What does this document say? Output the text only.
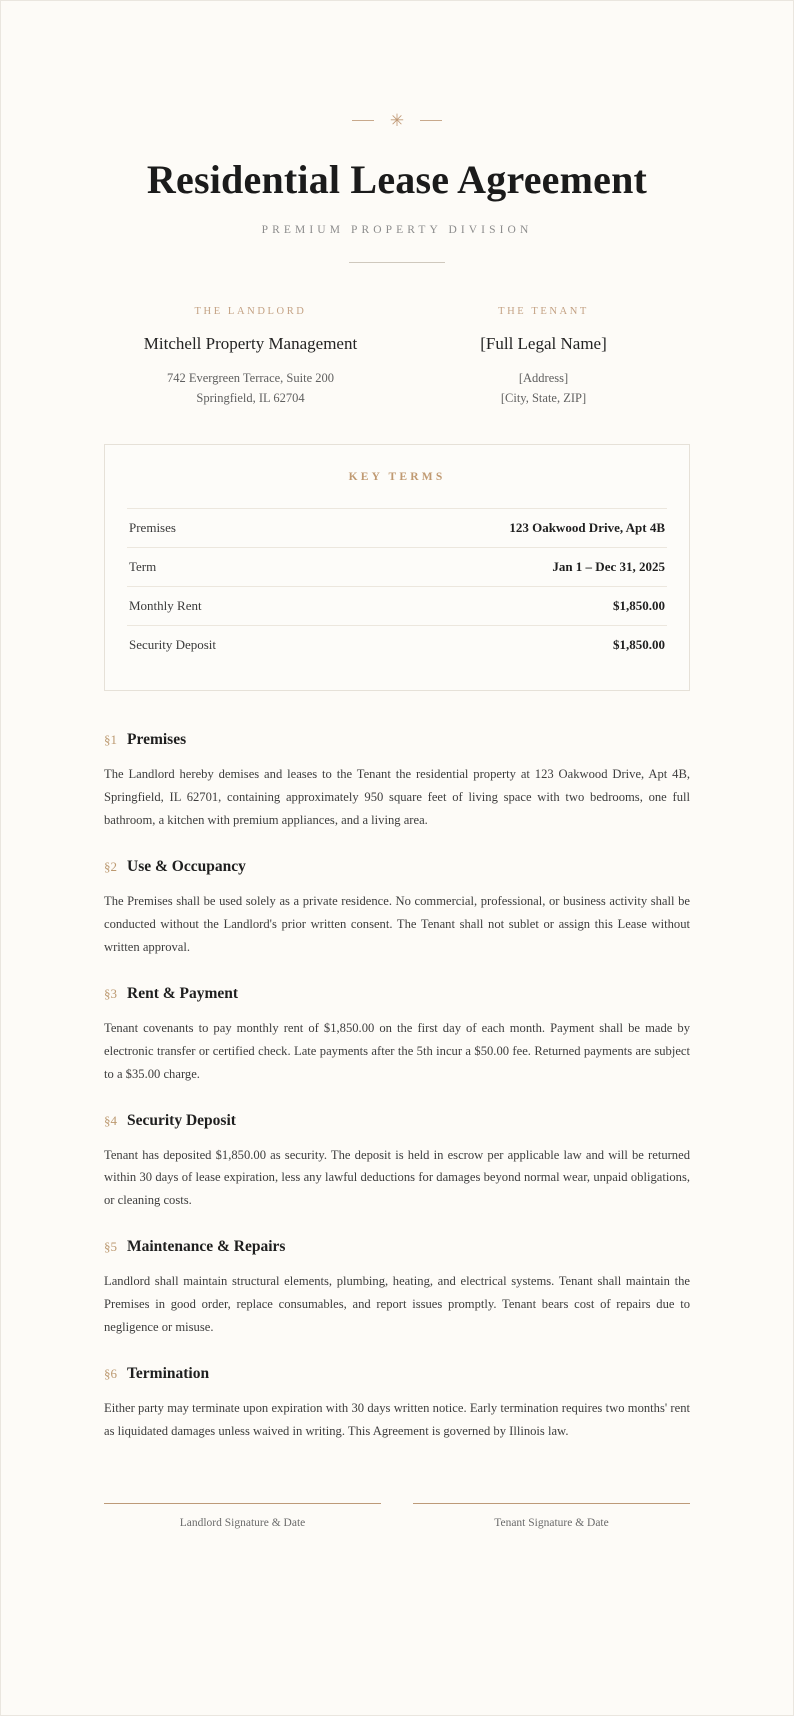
✳
Residential Lease Agreement
PREMIUM PROPERTY DIVISION
THE LANDLORD
Mitchell Property Management
742 Evergreen Terrace, Suite 200
Springfield, IL 62704
THE TENANT
[Full Legal Name]
[Address]
[City, State, ZIP]
KEY TERMS
Premises	123 Oakwood Drive, Apt 4B
Term	Jan 1 – Dec 31, 2025
Monthly Rent	$1,850.00
Security Deposit	$1,850.00
§1 Premises

The Landlord hereby demises and leases to the Tenant the residential property at 123 Oakwood Drive, Apt 4B, Springfield, IL 62701, containing approximately 950 square feet of living space with two bedrooms, one full bathroom, a kitchen with premium appliances, and a living area.

§2 Use & Occupancy

The Premises shall be used solely as a private residence. No commercial, professional, or business activity shall be conducted without the Landlord's prior written consent. The Tenant shall not sublet or assign this Lease without written approval.

§3 Rent & Payment

Tenant covenants to pay monthly rent of $1,850.00 on the first day of each month. Payment shall be made by electronic transfer or certified check. Late payments after the 5th incur a $50.00 fee. Returned payments are subject to a $35.00 charge.

§4 Security Deposit

Tenant has deposited $1,850.00 as security. The deposit is held in escrow per applicable law and will be returned within 30 days of lease expiration, less any lawful deductions for damages beyond normal wear, unpaid obligations, or cleaning costs.

§5 Maintenance & Repairs

Landlord shall maintain structural elements, plumbing, heating, and electrical systems. Tenant shall maintain the Premises in good order, replace consumables, and report issues promptly. Tenant bears cost of repairs due to negligence or misuse.

§6 Termination

Either party may terminate upon expiration with 30 days written notice. Early termination requires two months' rent as liquidated damages unless waived in writing. This Agreement is governed by Illinois law.

Landlord Signature & Date	Tenant Signature & Date
